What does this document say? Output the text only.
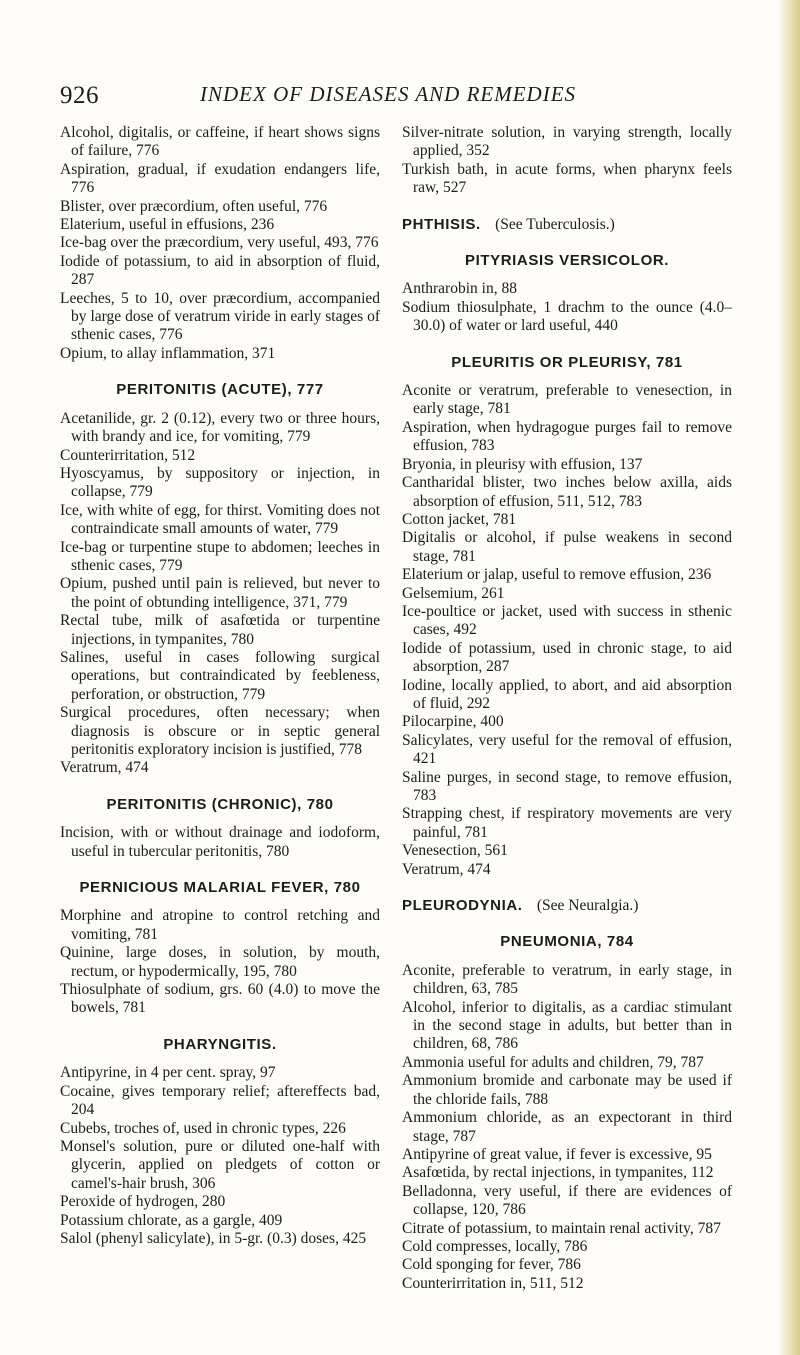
926	INDEX OF DISEASES AND REMEDIES

Alcohol, digitalis, or caffeine, if heart shows signs of failure, 776

Aspiration, gradual, if exudation endangers life, 776

Blister, over præcordium, often useful, 776

Elaterium, useful in effusions, 236

Ice-bag over the præcordium, very useful, 493, 776

Iodide of potassium, to aid in absorption of fluid, 287

Leeches, 5 to 10, over præcordium, accompanied by large dose of veratrum viride in early stages of sthenic cases, 776

Opium, to allay inflammation, 371

PERITONITIS (ACUTE), 777

Acetanilide, gr. 2 (0.12), every two or three hours, with brandy and ice, for vomiting, 779

Counterirritation, 512

Hyoscyamus, by suppository or injection, in collapse, 779

Ice, with white of egg, for thirst. Vomiting does not contraindicate small amounts of water, 779

Ice-bag or turpentine stupe to abdomen; leeches in sthenic cases, 779

Opium, pushed until pain is relieved, but never to the point of obtunding intelligence, 371, 779

Rectal tube, milk of asafœtida or turpentine injections, in tympanites, 780

Salines, useful in cases following surgical operations, but contraindicated by feebleness, perforation, or obstruction, 779

Surgical procedures, often necessary; when diagnosis is obscure or in septic general peritonitis exploratory incision is justified, 778

Veratrum, 474

PERITONITIS (CHRONIC), 780

Incision, with or without drainage and iodoform, useful in tubercular peritonitis, 780

PERNICIOUS MALARIAL FEVER, 780

Morphine and atropine to control retching and vomiting, 781

Quinine, large doses, in solution, by mouth, rectum, or hypodermically, 195, 780

Thiosulphate of sodium, grs. 60 (4.0) to move the bowels, 781

PHARYNGITIS.

Antipyrine, in 4 per cent. spray, 97

Cocaine, gives temporary relief; aftereffects bad, 204

Cubebs, troches of, used in chronic types, 226

Monsel's solution, pure or diluted one-half with glycerin, applied on pledgets of cotton or camel's-hair brush, 306

Peroxide of hydrogen, 280

Potassium chlorate, as a gargle, 409

Salol (phenyl salicylate), in 5-gr. (0.3) doses, 425

Silver-nitrate solution, in varying strength, locally applied, 352

Turkish bath, in acute forms, when pharynx feels raw, 527

PHTHISIS. (See Tuberculosis.)
PITYRIASIS VERSICOLOR.

Anthrarobin in, 88

Sodium thiosulphate, 1 drachm to the ounce (4.0–30.0) of water or lard useful, 440

PLEURITIS OR PLEURISY, 781

Aconite or veratrum, preferable to venesection, in early stage, 781

Aspiration, when hydragogue purges fail to remove effusion, 783

Bryonia, in pleurisy with effusion, 137

Cantharidal blister, two inches below axilla, aids absorption of effusion, 511, 512, 783

Cotton jacket, 781

Digitalis or alcohol, if pulse weakens in second stage, 781

Elaterium or jalap, useful to remove effusion, 236

Gelsemium, 261

Ice-poultice or jacket, used with success in sthenic cases, 492

Iodide of potassium, used in chronic stage, to aid absorption, 287

Iodine, locally applied, to abort, and aid absorption of fluid, 292

Pilocarpine, 400

Salicylates, very useful for the removal of effusion, 421

Saline purges, in second stage, to remove effusion, 783

Strapping chest, if respiratory movements are very painful, 781

Venesection, 561

Veratrum, 474

PLEURODYNIA. (See Neuralgia.)
PNEUMONIA, 784

Aconite, preferable to veratrum, in early stage, in children, 63, 785

Alcohol, inferior to digitalis, as a cardiac stimulant in the second stage in adults, but better than in children, 68, 786

Ammonia useful for adults and children, 79, 787

Ammonium bromide and carbonate may be used if the chloride fails, 788

Ammonium chloride, as an expectorant in third stage, 787

Antipyrine of great value, if fever is excessive, 95

Asafœtida, by rectal injections, in tympanites, 112

Belladonna, very useful, if there are evidences of collapse, 120, 786

Citrate of potassium, to maintain renal activity, 787

Cold compresses, locally, 786

Cold sponging for fever, 786

Counterirritation in, 511, 512
